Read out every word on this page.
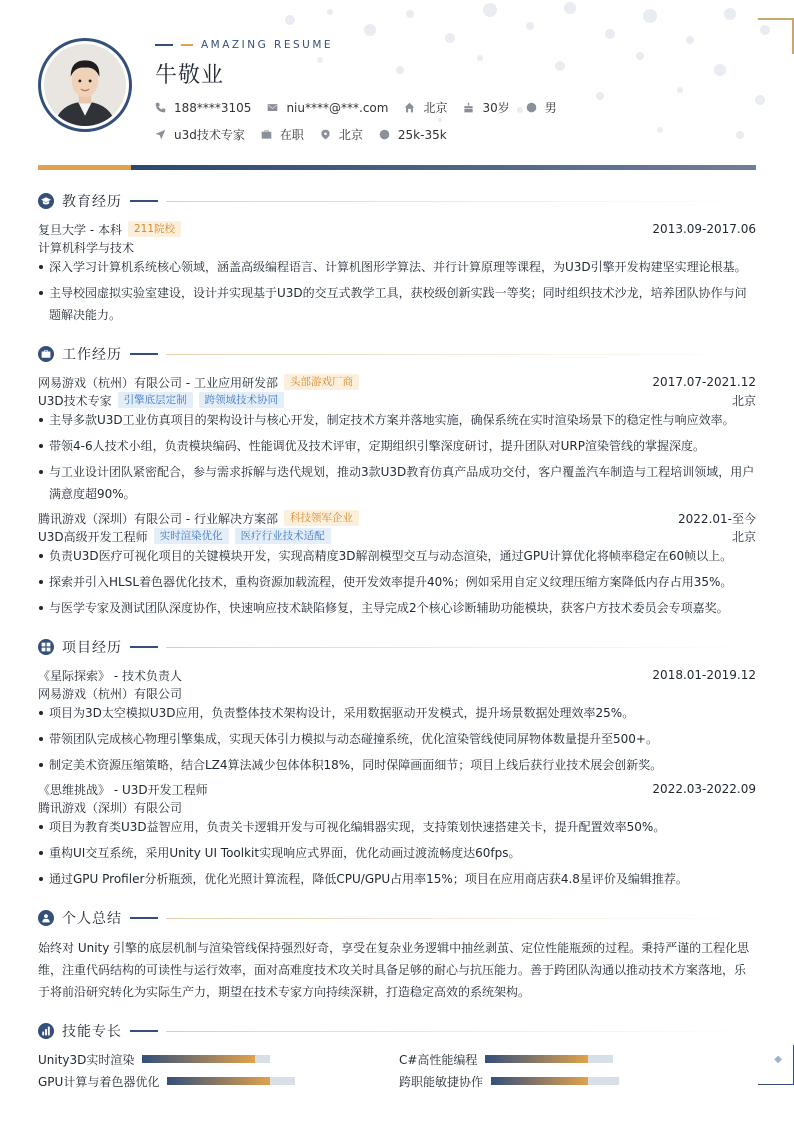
◆
AMAZING RESUME
牛敬业
188****3105	niu****@***.com	北京	30岁	男
u3d技术专家	在职	北京	25k-35k
教育经历
复旦大学 - 本科	211院校	2013.09-2017.06
计算机科学与技术
深入学习计算机系统核心领域，涵盖高级编程语言、计算机图形学算法、并行计算原理等课程，为U3D引擎开发构建坚实理论根基。
主导校园虚拟实验室建设，设计并实现基于U3D的交互式教学工具，获校级创新实践一等奖；同时组织技术沙龙，培养团队协作与问题解决能力。
工作经历
网易游戏（杭州）有限公司 - 工业应用研发部	头部游戏厂商	2017.07-2021.12
U3D技术专家	引擎底层定制	跨领域技术协同	北京
主导多款U3D工业仿真项目的架构设计与核心开发，制定技术方案并落地实施，确保系统在实时渲染场景下的稳定性与响应效率。
带领4-6人技术小组，负责模块编码、性能调优及技术评审，定期组织引擎深度研讨，提升团队对URP渲染管线的掌握深度。
与工业设计团队紧密配合，参与需求拆解与迭代规划，推动3款U3D教育仿真产品成功交付，客户覆盖汽车制造与工程培训领域，用户满意度超90%。
腾讯游戏（深圳）有限公司 - 行业解决方案部	科技领军企业	2022.01-至今
U3D高级开发工程师	实时渲染优化	医疗行业技术适配	北京
负责U3D医疗可视化项目的关键模块开发，实现高精度3D解剖模型交互与动态渲染，通过GPU计算优化将帧率稳定在60帧以上。
探索并引入HLSL着色器优化技术，重构资源加载流程，使开发效率提升40%；例如采用自定义纹理压缩方案降低内存占用35%。
与医学专家及测试团队深度协作，快速响应技术缺陷修复，主导完成2个核心诊断辅助功能模块，获客户方技术委员会专项嘉奖。
项目经历
《星际探索》 - 技术负责人	2018.01-2019.12
网易游戏（杭州）有限公司
项目为3D太空模拟U3D应用，负责整体技术架构设计，采用数据驱动开发模式，提升场景数据处理效率25%。
带领团队完成核心物理引擎集成，实现天体引力模拟与动态碰撞系统，优化渲染管线使同屏物体数量提升至500+。
制定美术资源压缩策略，结合LZ4算法减少包体体积18%，同时保障画面细节；项目上线后获行业技术展会创新奖。
《思维挑战》 - U3D开发工程师	2022.03-2022.09
腾讯游戏（深圳）有限公司
项目为教育类U3D益智应用，负责关卡逻辑开发与可视化编辑器实现，支持策划快速搭建关卡，提升配置效率50%。
重构UI交互系统，采用Unity UI Toolkit实现响应式界面，优化动画过渡流畅度达60fps。
通过GPU Profiler分析瓶颈，优化光照计算流程，降低CPU/GPU占用率15%；项目在应用商店获4.8星评价及编辑推荐。
个人总结
始终对 Unity 引擎的底层机制与渲染管线保持强烈好奇，享受在复杂业务逻辑中抽丝剥茧、定位性能瓶颈的过程。秉持严谨的工程化思
维，注重代码结构的可读性与运行效率，面对高难度技术攻关时具备足够的耐心与抗压能力。善于跨团队沟通以推动技术方案落地，乐
于将前沿研究转化为实际生产力，期望在技术专家方向持续深耕，打造稳定高效的系统架构。
技能专长
Unity3D实时渲染	C#高性能编程
GPU计算与着色器优化	跨职能敏捷协作
